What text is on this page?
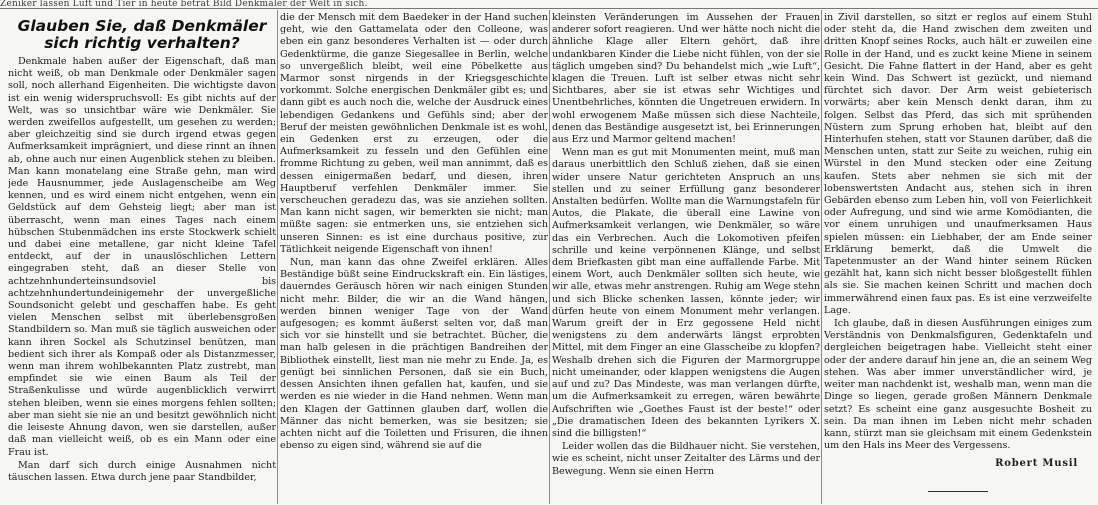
Zeniker lassen Luft und Tier in heute betrat Bild Denkmäler der Welt in sich.
Glauben Sie, daß Denkmäler sich richtig verhalten?

Denkmale haben außer der Eigenschaft, daß man nicht weiß, ob man Denkmale oder Denkmäler sagen soll, noch allerhand Eigenheiten. Die wichtigste davon ist ein wenig widerspruchsvoll: Es gibt nichts auf der Welt, was so unsichtbar wäre wie Denkmäler. Sie werden zweifellos aufgestellt, um gesehen zu werden; aber gleichzeitig sind sie durch irgend etwas gegen Aufmerksamkeit imprägniert, und diese rinnt an ihnen ab, ohne auch nur einen Augenblick stehen zu bleiben. Man kann monatelang eine Straße gehn, man wird jede Hausnummer, jede Auslagenscheibe am Weg kennen, und es wird einem nicht entgehen, wenn ein Geldstück auf dem Gehsteig liegt; aber man ist überrascht, wenn man eines Tages nach einem hübschen Stubenmädchen ins erste Stockwerk schielt und dabei eine metallene, gar nicht kleine Tafel entdeckt, auf der in unauslöschlichen Lettern eingegraben steht, daß an dieser Stelle von achtzehnhunderteinsundsoviel bis achtzehnhundertundeinigemehr der unvergeßliche Soundsonicht gelebt und geschaffen habe. Es geht vielen Menschen selbst mit überlebensgroßen Standbildern so. Man muß sie täglich ausweichen oder kann ihren Sockel als Schutzinsel benützen, man bedient sich ihrer als Kompaß oder als Distanzmesser, wenn man ihrem wohlbekannten Platz zustrebt, man empfindet sie wie einen Baum als Teil der Straßenkulisse und würde augenblicklich verwirrt stehen bleiben, wenn sie eines morgens fehlen sollten; aber man sieht sie nie an und besitzt gewöhnlich nicht die leiseste Ahnung davon, wen sie darstellen, außer daß man vielleicht weiß, ob es ein Mann oder eine Frau ist.

Man darf sich durch einige Ausnahmen nicht täuschen lassen. Etwa durch jene paar Standbilder,

die der Mensch mit dem Baedeker in der Hand suchen geht, wie den Gattamelata oder den Colleone, was eben ein ganz besonderes Verhalten ist — oder durch Gedenktürme, die ganze Siegesallee in Berlin, welche so unvergeßlich bleibt, weil eine Pöbelkette aus Marmor sonst nirgends in der Kriegsgeschichte vorkommt. Solche energischen Denkmäler gibt es; und dann gibt es auch noch die, welche der Ausdruck eines lebendigen Gedankens und Gefühls sind; aber der Beruf der meisten gewöhnlichen Denkmale ist es wohl, ein Gedenken erst zu erzeugen, oder die Aufmerksamkeit zu fesseln und den Gefühlen eine fromme Richtung zu geben, weil man annimmt, daß es dessen einigermaßen bedarf, und diesen, ihren Hauptberuf verfehlen Denkmäler immer. Sie verscheuchen geradezu das, was sie anziehen sollten. Man kann nicht sagen, wir bemerkten sie nicht; man müßte sagen: sie entmerken uns, sie entziehen sich unseren Sinnen: es ist eine durchaus positive, zur Tätlichkeit neigende Eigenschaft von ihnen!

Nun, man kann das ohne Zweifel erklären. Alles Beständige büßt seine Eindruckskraft ein. Ein lästiges, dauerndes Geräusch hören wir nach einigen Stunden nicht mehr. Bilder, die wir an die Wand hängen, werden binnen weniger Tage von der Wand aufgesogen; es kommt äußerst selten vor, daß man sich vor sie hinstellt und sie betrachtet. Bücher, die man halb gelesen in die prächtigen Bandreihen der Bibliothek einstellt, liest man nie mehr zu Ende. Ja, es genügt bei sinnlichen Personen, daß sie ein Buch, dessen Ansichten ihnen gefallen hat, kaufen, und sie werden es nie wieder in die Hand nehmen. Wenn man den Klagen der Gattinnen glauben darf, wollen die Männer das nicht bemerken, was sie besitzen; sie achten nicht auf die Toiletten und Frisuren, die ihnen ebenso zu eigen sind, während sie auf die

kleinsten Veränderungen im Aussehen der Frauen anderer sofort reagieren. Und wer hätte noch nicht die ähnliche Klage aller Eltern gehört, daß ihre undankbaren Kinder die Liebe nicht fühlen, von der sie täglich umgeben sind? Du behandelst mich „wie Luft“, klagen die Treuen. Luft ist selber etwas nicht sehr Sichtbares, aber sie ist etwas sehr Wichtiges und Unentbehrliches, könnten die Ungetreuen erwidern. In wohl erwogenem Maße müssen sich diese Nachteile, denen das Beständige ausgesetzt ist, bei Erinnerungen aus Erz und Marmor geltend machen!

Wenn man es gut mit Monumenten meint, muß man daraus unerbittlich den Schluß ziehen, daß sie einen wider unsere Natur gerichteten Anspruch an uns stellen und zu seiner Erfüllung ganz besonderer Anstalten bedürfen. Wollte man die Warnungstafeln für Autos, die Plakate, die überall eine Lawine von Aufmerksamkeit verlangen, wie Denkmäler, so wäre das ein Verbrechen. Auch die Lokomotiven pfeifen schrille und keine verpönnenen Klänge, und selbst dem Briefkasten gibt man eine auffallende Farbe. Mit einem Wort, auch Denkmäler sollten sich heute, wie wir alle, etwas mehr anstrengen. Ruhig am Wege stehn und sich Blicke schenken lassen, könnte jeder; wir dürfen heute von einem Monument mehr verlangen. Warum greift der in Erz gegossene Held nicht wenigstens zu dem anderwärts längst erprobten Mittel, mit dem Finger an eine Glasscheibe zu klopfen? Weshalb drehen sich die Figuren der Marmorgruppe nicht umeinander, oder klappen wenigstens die Augen auf und zu? Das Mindeste, was man verlangen dürfte, um die Aufmerksamkeit zu erregen, wären bewährte Aufschriften wie „Goethes Faust ist der beste!“ oder „Die dramatischen Ideen des bekannten Lyrikers X. sind die billigsten!“

Leider wollen das die Bildhauer nicht. Sie verstehen, wie es scheint, nicht unser Zeitalter des Lärms und der Bewegung. Wenn sie einen Herrn

in Zivil darstellen, so sitzt er reglos auf einem Stuhl oder steht da, die Hand zwischen dem zweiten und dritten Knopf seines Rocks, auch hält er zuweilen eine Rolle in der Hand, und es zuckt keine Miene in seinem Gesicht. Die Fahne flattert in der Hand, aber es geht kein Wind. Das Schwert ist gezückt, und niemand fürchtet sich davor. Der Arm weist gebieterisch vorwärts; aber kein Mensch denkt daran, ihm zu folgen. Selbst das Pferd, das sich mit sprühenden Nüstern zum Sprung erhoben hat, bleibt auf den Hinterhufen stehen, statt vor Staunen darüber, daß die Menschen unten, statt zur Seite zu weichen, ruhig ein Würstel in den Mund stecken oder eine Zeitung kaufen. Stets aber nehmen sie sich mit der lobenswertsten Andacht aus, stehen sich in ihren Gebärden ebenso zum Leben hin, voll von Feierlichkeit oder Aufregung, und sind wie arme Komödianten, die vor einem unruhigen und unaufmerksamen Haus spielen müssen: ein Liebhaber, der am Ende seiner Erklärung bemerkt, daß die Umwelt die Tapetenmuster an der Wand hinter seinem Rücken gezählt hat, kann sich nicht besser bloßgestellt fühlen als sie. Sie machen keinen Schritt und machen doch immerwährend einen faux pas. Es ist eine verzweifelte Lage.

Ich glaube, daß in diesen Ausführungen einiges zum Verständnis von Denkmalsfiguren, Gedenktafeln und dergleichen beigetragen habe. Vielleicht steht einer oder der andere darauf hin jene an, die an seinem Weg stehen. Was aber immer unverständlicher wird, je weiter man nachdenkt ist, weshalb man, wenn man die Dinge so liegen, gerade großen Männern Denkmale setzt? Es scheint eine ganz ausgesuchte Bosheit zu sein. Da man ihnen im Leben nicht mehr schaden kann, stürzt man sie gleichsam mit einem Gedenkstein um den Hals ins Meer des Vergessens.

Robert Musil
